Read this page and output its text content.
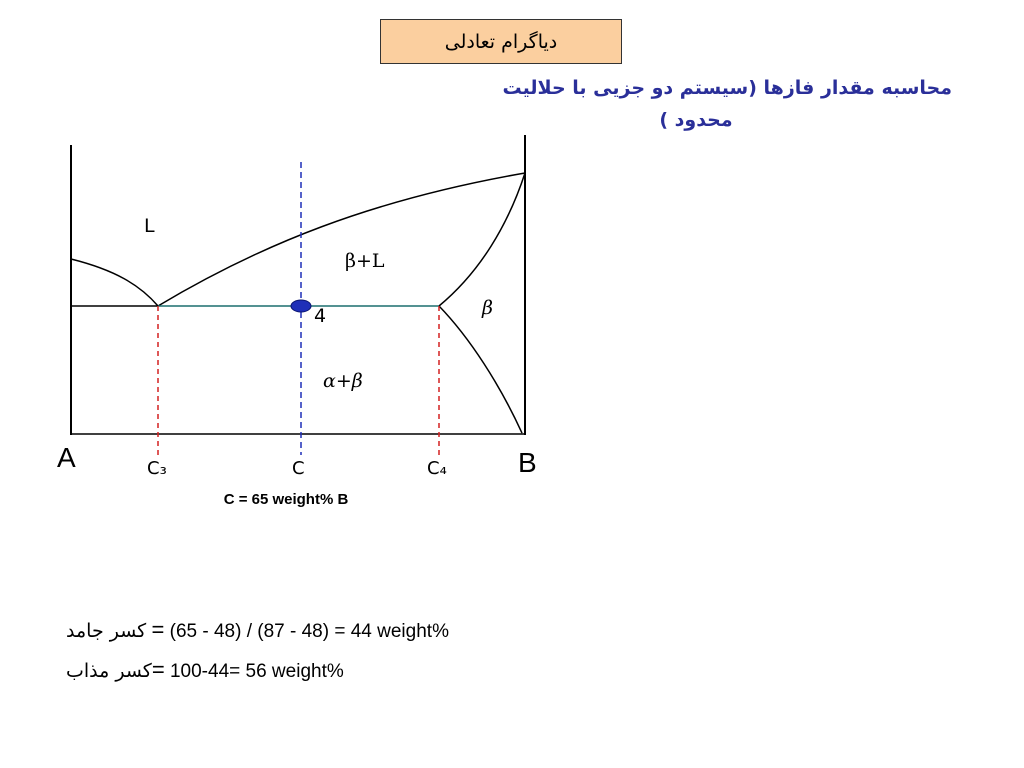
دیاگرام تعادلی
محاسبه مقدار فازها (سیستم دو جزیی با حلالیت
محدود )
L
β+L
β
α+β
4
A	B
C₃	C	C₄
C = 65 weight% B
کسر جامد = (65 - 48) / (87 - 48) = 44 weight%
کسر مذاب= 100-44= 56 weight%
